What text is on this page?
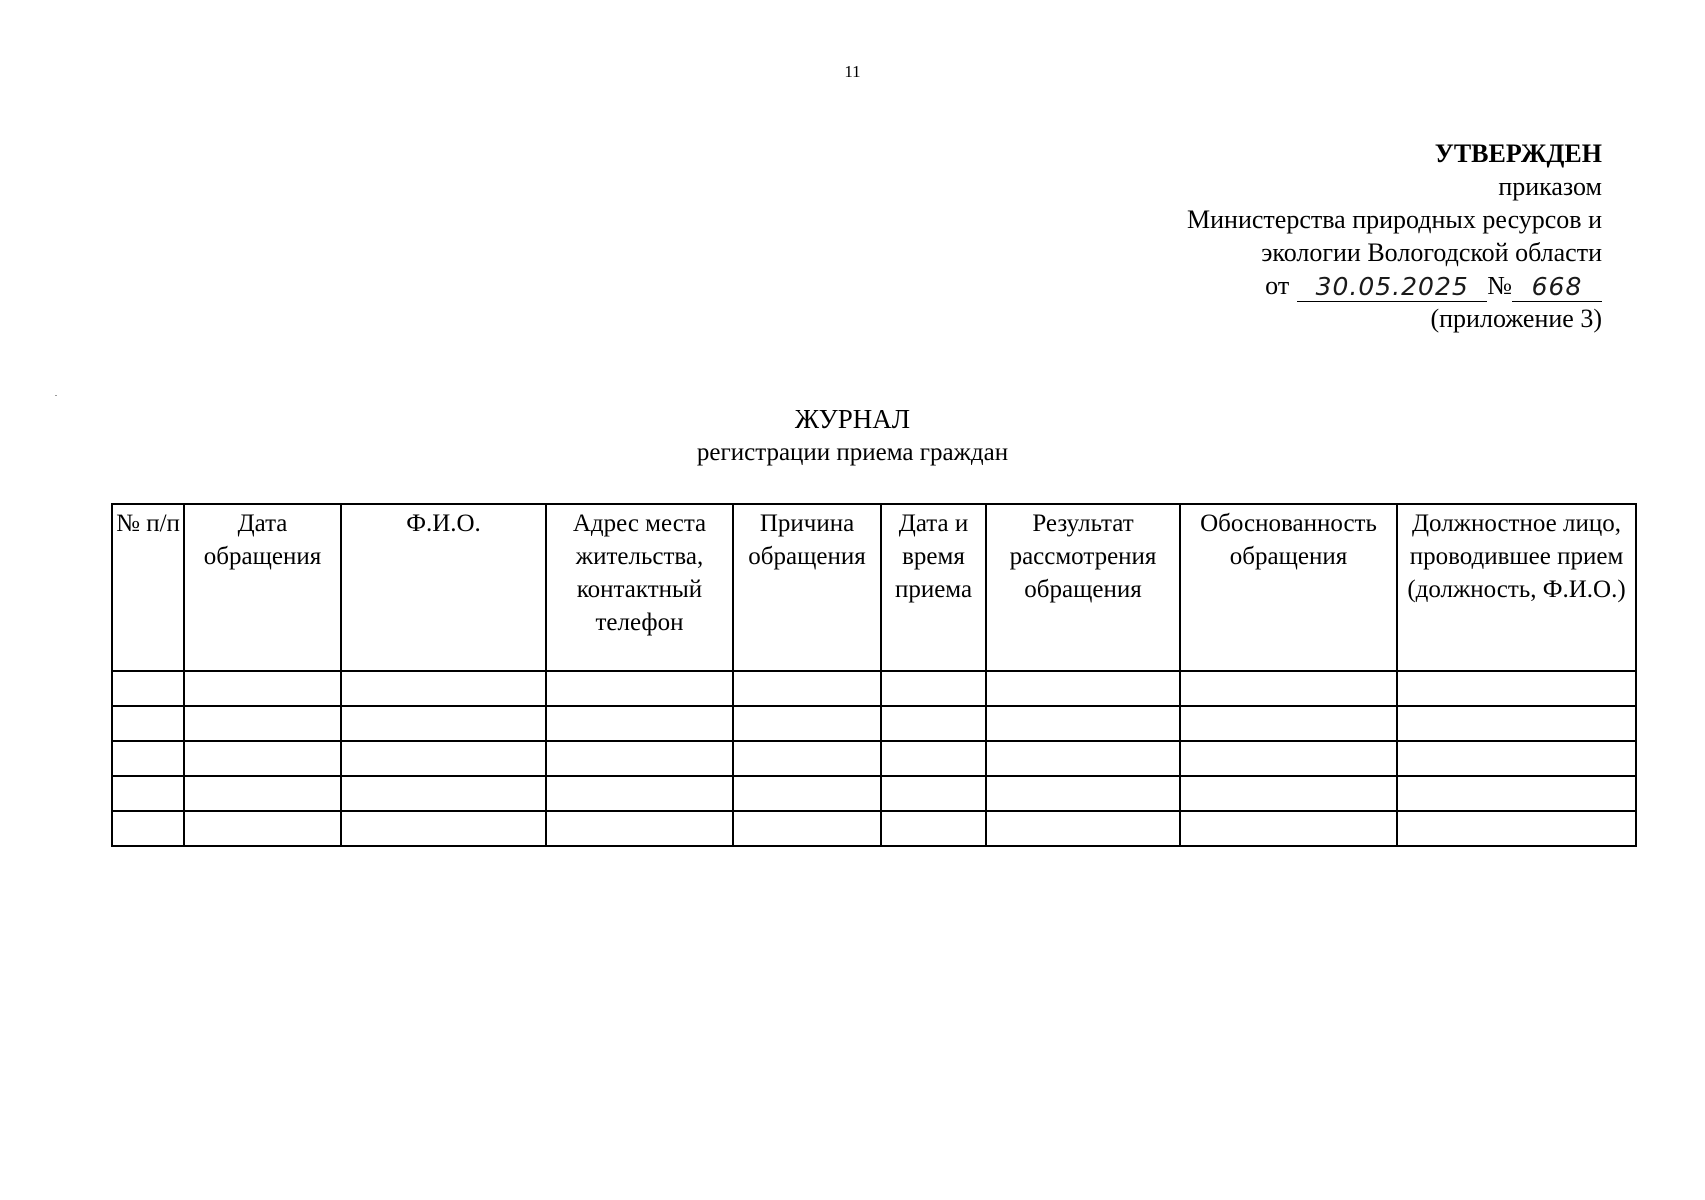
11
УТВЕРЖДЕН
приказом
Министерства природных ресурсов и
экологии Вологодской области
от	30.05.2025 № 668
(приложение 3)
ЖУРНАЛ
регистрации приема граждан
№ п/п	Дата обращения	Ф.И.О.	Адрес места жительства, контактный телефон	Причина обращения	Дата и время приема	Результат рассмотрения обращения	Обоснованность обращения	Должностное лицо, проводившее прием (должность, Ф.И.О.)
